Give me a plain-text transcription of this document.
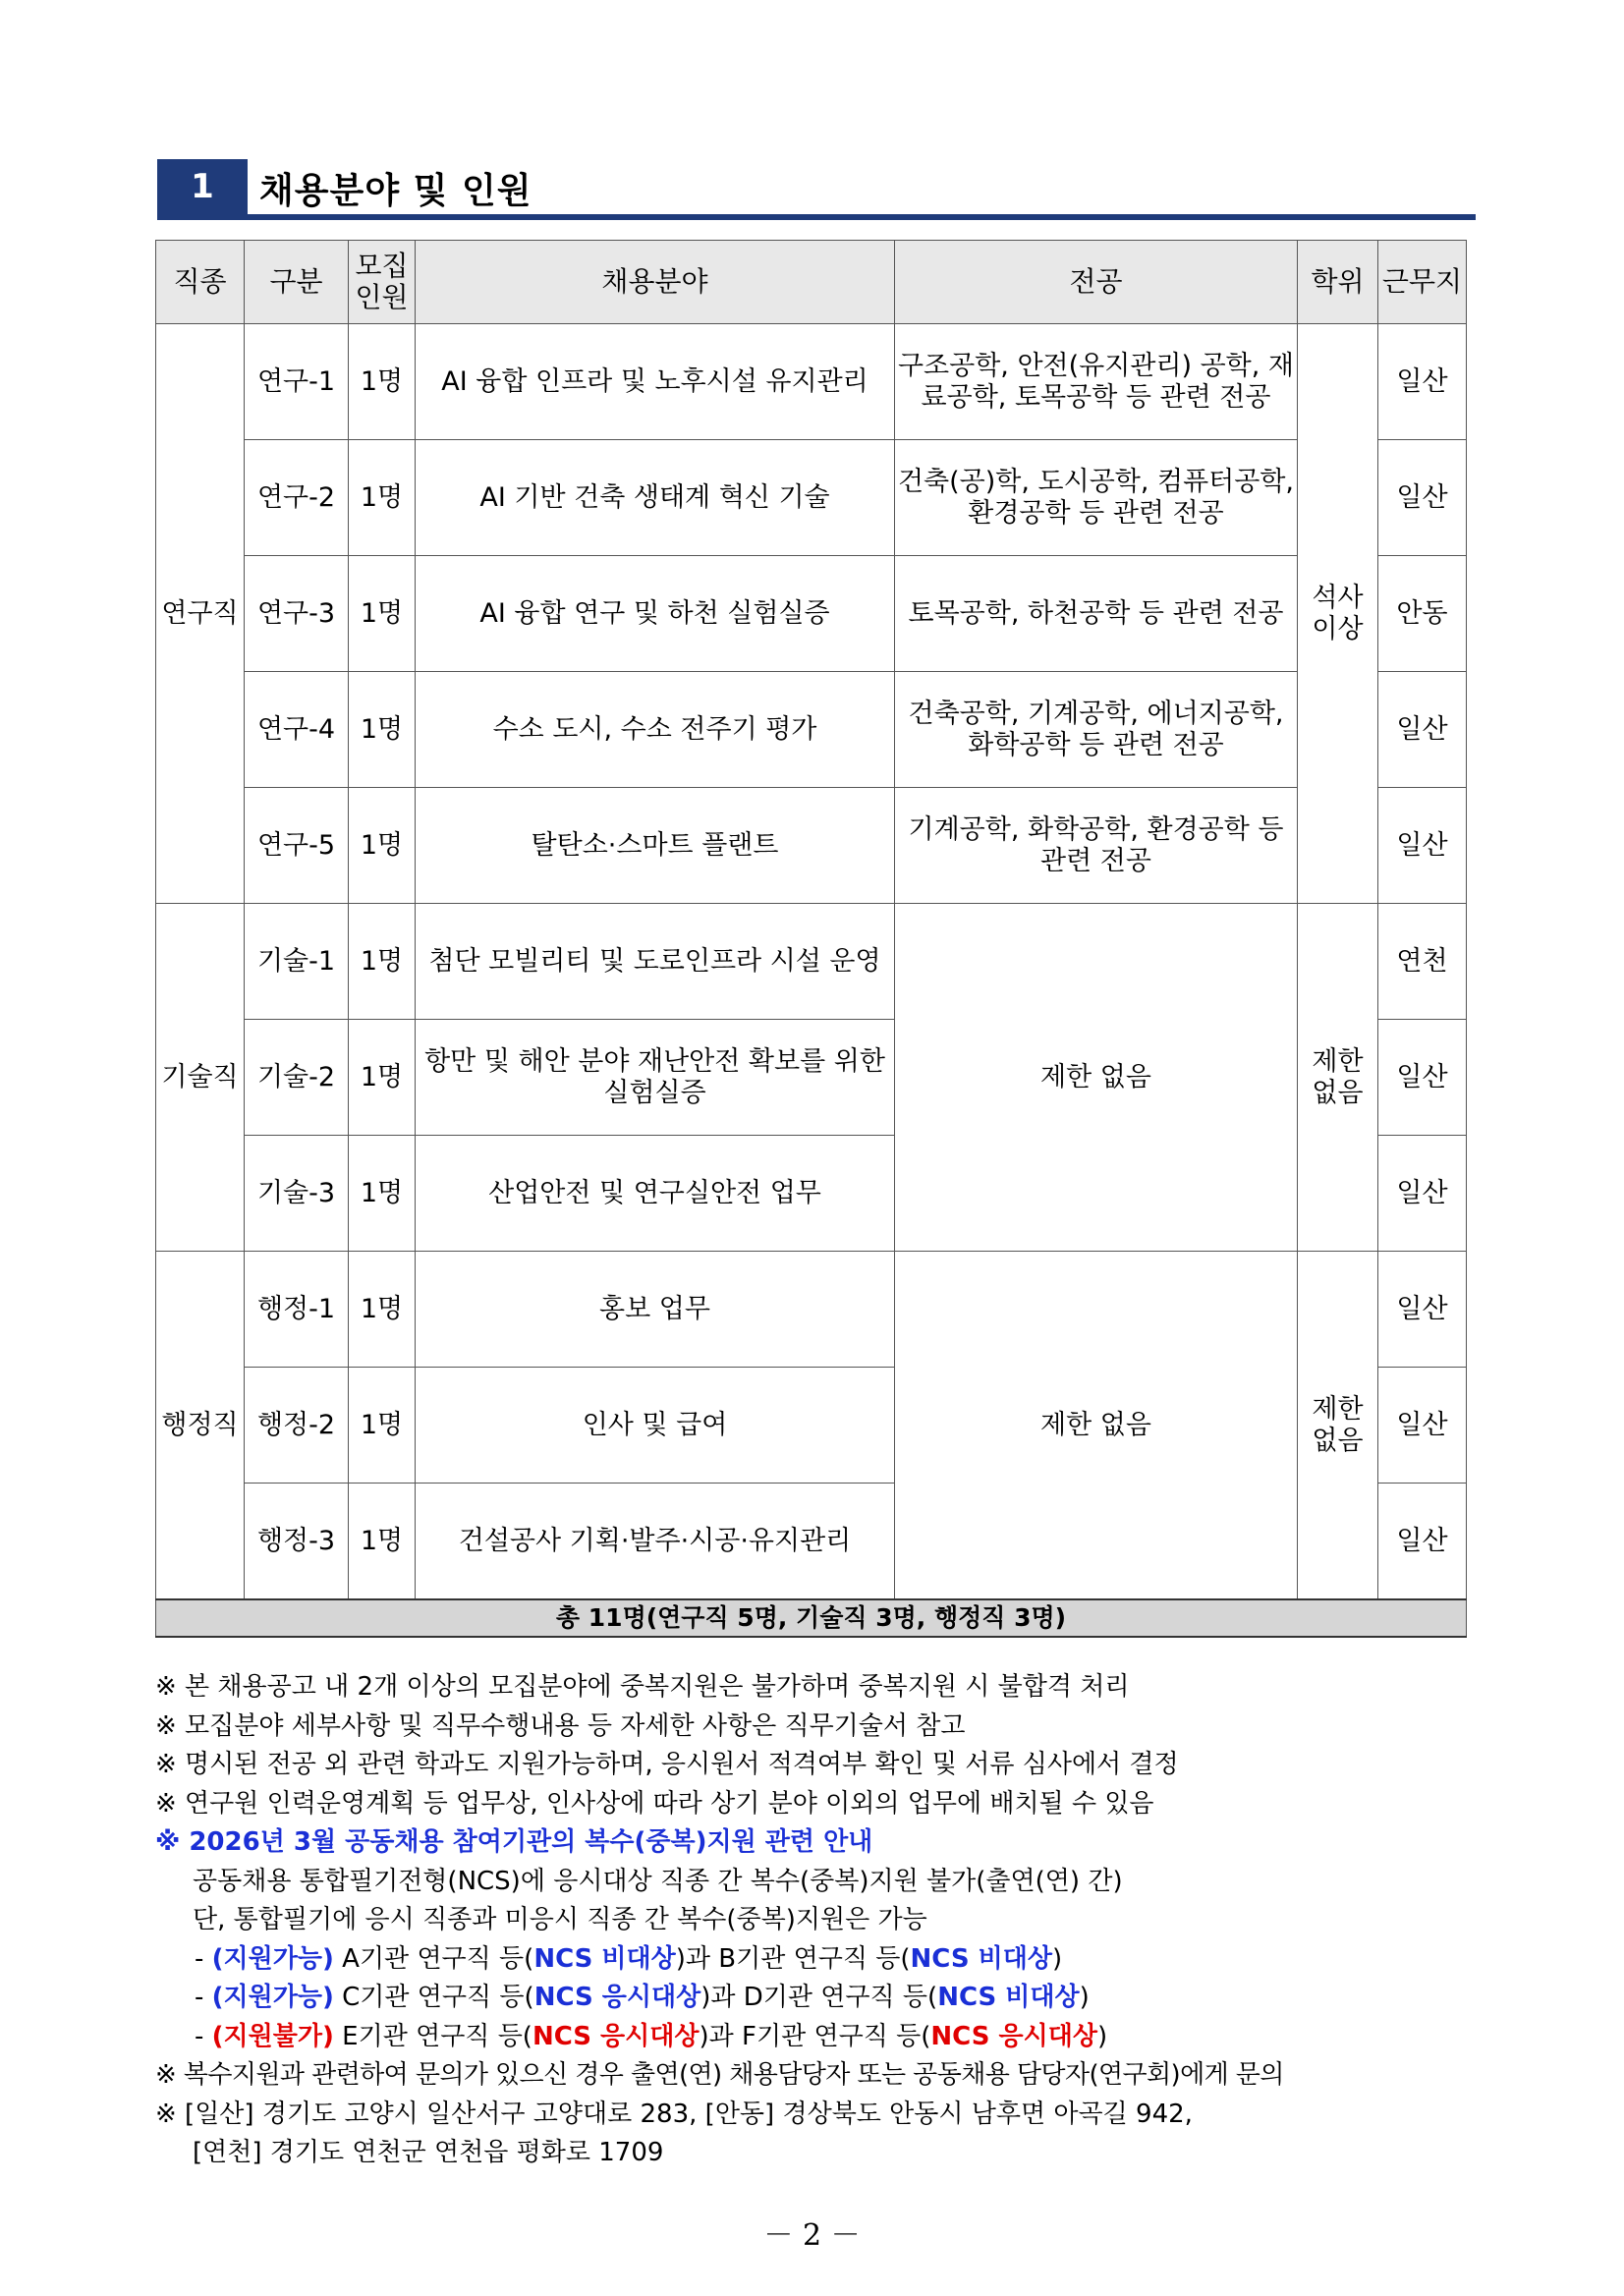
1	채용분야 및 인원
직종	구분	모집 인원	채용분야	전공	학위	근무지
연구직	연구-1	1명	AI 융합 인프라 및 노후시설 유지관리	구조공학, 안전(유지관리) 공학, 재료공학, 토목공학 등 관련 전공	석사 이상	일산
	연구-2	1명	AI 기반 건축 생태계 혁신 기술	건축(공)학, 도시공학, 컴퓨터공학, 환경공학 등 관련 전공		일산
	연구-3	1명	AI 융합 연구 및 하천 실험실증	토목공학, 하천공학 등 관련 전공		안동
	연구-4	1명	수소 도시, 수소 전주기 평가	건축공학, 기계공학, 에너지공학, 화학공학 등 관련 전공		일산
	연구-5	1명	탈탄소·스마트 플랜트	기계공학, 화학공학, 환경공학 등 관련 전공		일산
기술직	기술-1	1명	첨단 모빌리티 및 도로인프라 시설 운영	제한 없음	제한 없음	연천
	기술-2	1명	항만 및 해안 분야 재난안전 확보를 위한 실험실증			일산
	기술-3	1명	산업안전 및 연구실안전 업무			일산
행정직	행정-1	1명	홍보 업무	제한 없음	제한 없음	일산
	행정-2	1명	인사 및 급여			일산
	행정-3	1명	건설공사 기획·발주·시공·유지관리			일산
총 11명(연구직 5명, 기술직 3명, 행정직 3명)						
※ 본 채용공고 내 2개 이상의 모집분야에 중복지원은 불가하며 중복지원 시 불합격 처리
※ 모집분야 세부사항 및 직무수행내용 등 자세한 사항은 직무기술서 참고
※ 명시된 전공 외 관련 학과도 지원가능하며, 응시원서 적격여부 확인 및 서류 심사에서 결정
※ 연구원 인력운영계획 등 업무상, 인사상에 따라 상기 분야 이외의 업무에 배치될 수 있음
※ 2026년 3월 공동채용 참여기관의 복수(중복)지원 관련 안내
공동채용 통합필기전형(NCS)에 응시대상 직종 간 복수(중복)지원 불가(출연(연) 간)
단, 통합필기에 응시 직종과 미응시 직종 간 복수(중복)지원은 가능
- (지원가능) A기관 연구직 등(NCS 비대상)과 B기관 연구직 등(NCS 비대상)
- (지원가능) C기관 연구직 등(NCS 응시대상)과 D기관 연구직 등(NCS 비대상)
- (지원불가) E기관 연구직 등(NCS 응시대상)과 F기관 연구직 등(NCS 응시대상)
※ 복수지원과 관련하여 문의가 있으신 경우 출연(연) 채용담당자 또는 공동채용 담당자(연구회)에게 문의
※ [일산] 경기도 고양시 일산서구 고양대로 283, [안동] 경상북도 안동시 남후면 아곡길 942,
[연천] 경기도 연천군 연천읍 평화로 1709
－ 2 －
